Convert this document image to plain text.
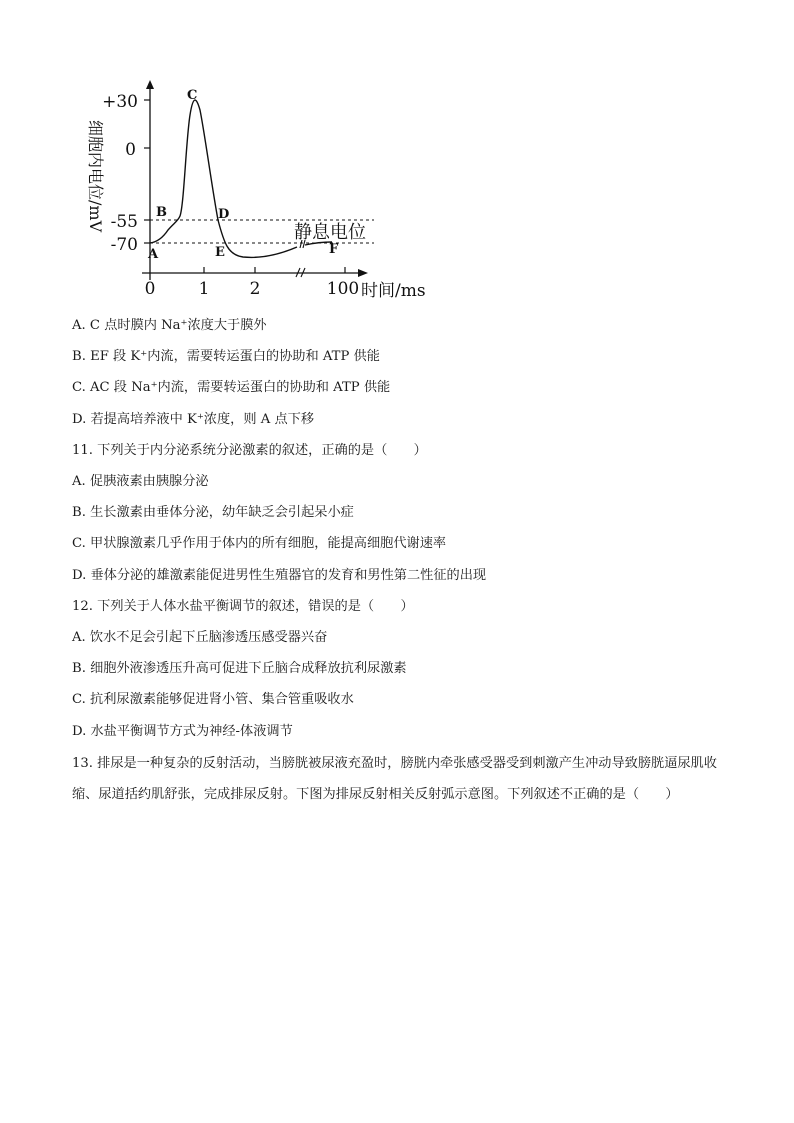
+30
0
-55
-70
0	1 2	100 时间/ms
细胞内电位/mV
A
B
C
D
E	F
静息电位
A. C 点时膜内 Na⁺浓度大于膜外
B. EF 段 K⁺内流，需要转运蛋白的协助和 ATP 供能
C. AC 段 Na⁺内流，需要转运蛋白的协助和 ATP 供能
D. 若提高培养液中 K⁺浓度，则 A 点下移
11. 下列关于内分泌系统分泌激素的叙述，正确的是（　　）
A. 促胰液素由胰腺分泌
B. 生长激素由垂体分泌，幼年缺乏会引起呆小症
C. 甲状腺激素几乎作用于体内的所有细胞，能提高细胞代谢速率
D. 垂体分泌的雄激素能促进男性生殖器官的发育和男性第二性征的出现
12. 下列关于人体水盐平衡调节的叙述，错误的是（　　）
A. 饮水不足会引起下丘脑渗透压感受器兴奋
B. 细胞外液渗透压升高可促进下丘脑合成释放抗利尿激素
C. 抗利尿激素能够促进肾小管、集合管重吸收水
D. 水盐平衡调节方式为神经-体液调节
13. 排尿是一种复杂的反射活动，当膀胱被尿液充盈时，膀胱内牵张感受器受到刺激产生冲动导致膀胱逼尿肌收缩、尿道括约肌舒张，完成排尿反射。下图为排尿反射相关反射弧示意图。下列叙述不正确的是（　　）
